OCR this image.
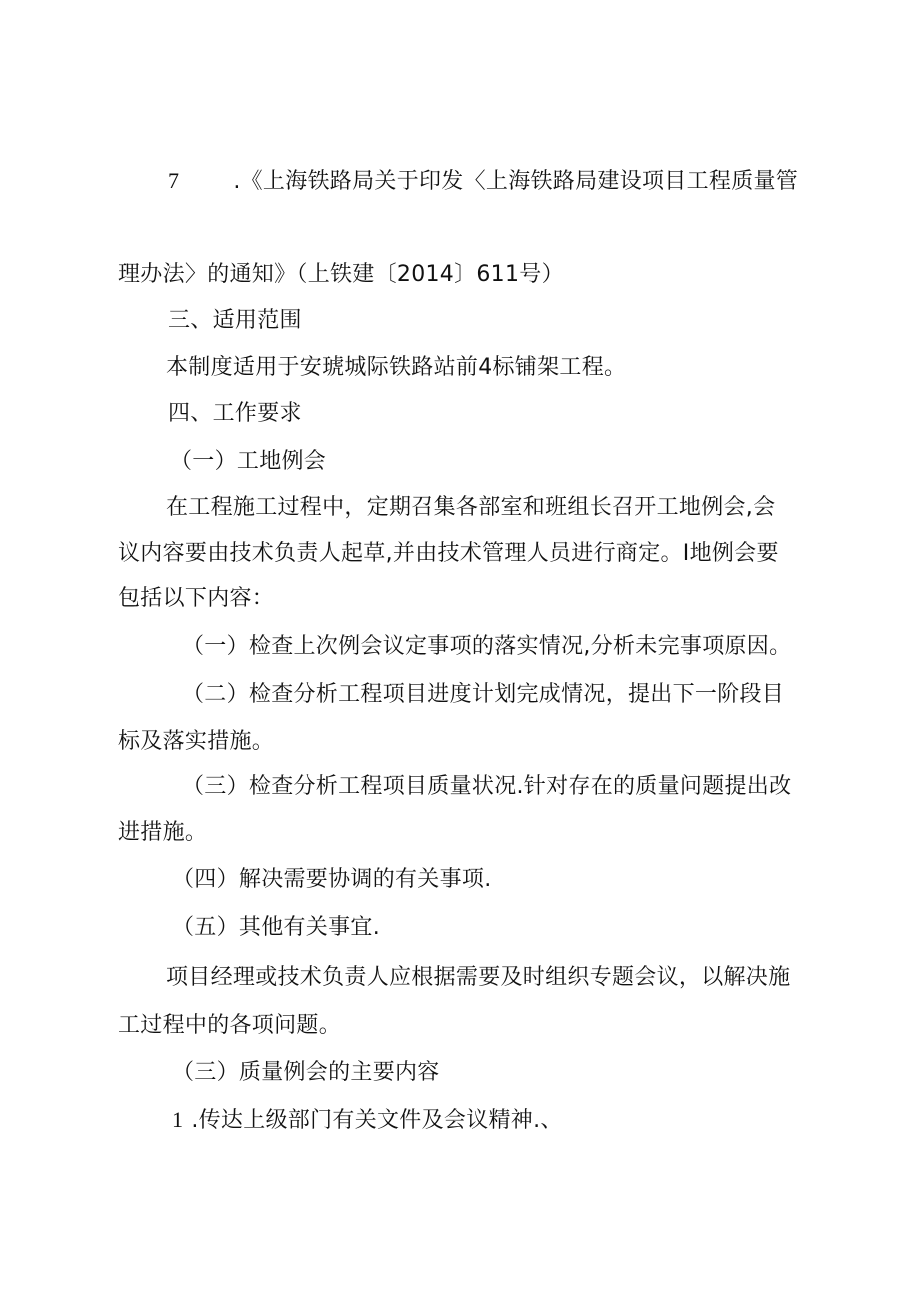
7 .《上海铁路局关于印发〈上海铁路局建设项目工程质量管
理办法〉的通知》（上铁建〔2014〕611号）
三、适用范围
本制度适用于安琥城际铁路站前4标铺架工程。
四、工作要求
（一）工地例会
在工程施工过程中，定期召集各部室和班组长召开工地例会,会
议内容要由技术负责人起草,并由技术管理人员进行商定。I地例会要
包括以下内容：
（一）检查上次例会议定事项的落实情况,分析未完事项原因。
（二）检查分析工程项目进度计划完成情况，提出下一阶段目
标及落实措施。
（三）检查分析工程项目质量状况.针对存在的质量问题提出改
进措施。
（四）解决需要协调的有关事项.
（五）其他有关事宜.
项目经理或技术负责人应根据需要及时组织专题会议，以解决施
工过程中的各项问题。
（三）质量例会的主要内容
1 .传达上级部门有关文件及会议精神.、
